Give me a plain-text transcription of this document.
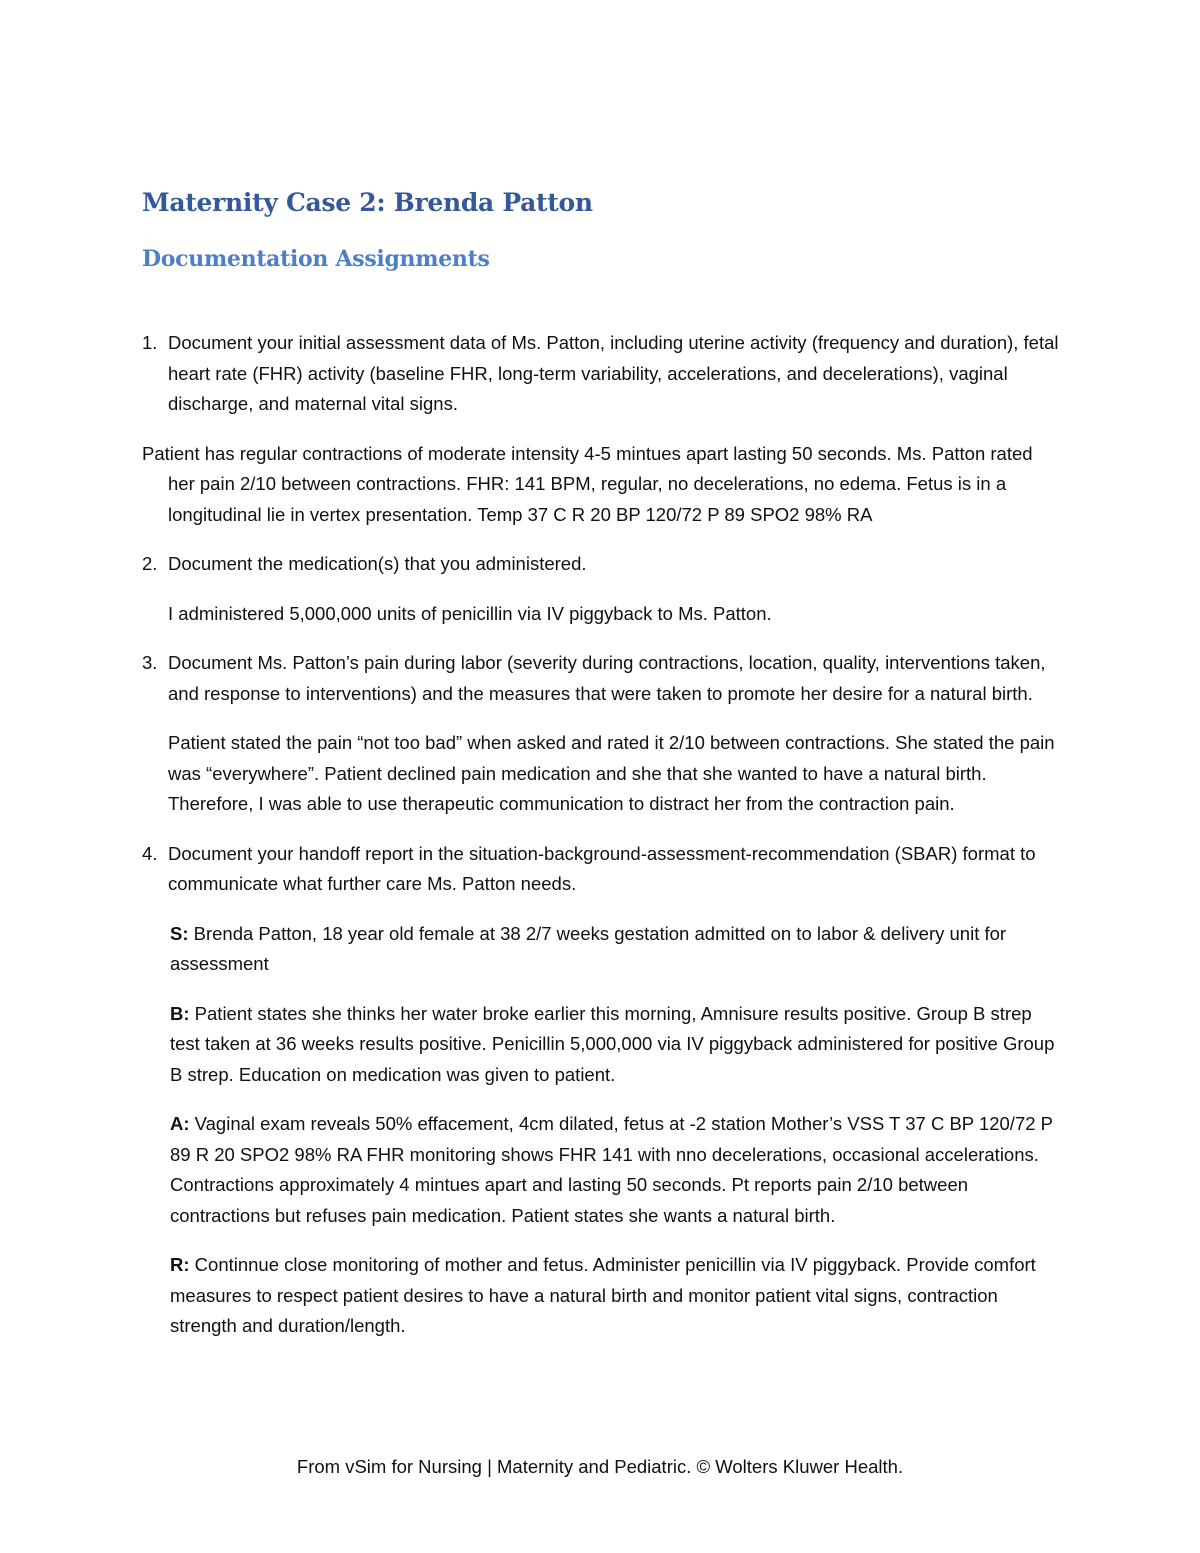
Maternity Case 2: Brenda Patton
Documentation Assignments
1. Document your initial assessment data of Ms. Patton, including uterine activity (frequency and duration), fetal heart rate (FHR) activity (baseline FHR, long-term variability, accelerations, and decelerations), vaginal discharge, and maternal vital signs.
Patient has regular contractions of moderate intensity 4-5 mintues apart lasting 50 seconds. Ms. Patton rated her pain 2/10 between contractions. FHR: 141 BPM, regular, no decelerations, no edema. Fetus is in a longitudinal lie in vertex presentation. Temp 37 C R 20 BP 120/72 P 89 SPO2 98% RA
2. Document the medication(s) that you administered.
I administered 5,000,000 units of penicillin via IV piggyback to Ms. Patton.
3. Document Ms. Patton’s pain during labor (severity during contractions, location, quality, interventions taken, and response to interventions) and the measures that were taken to promote her desire for a natural birth.
Patient stated the pain “not too bad” when asked and rated it 2/10 between contractions. She stated the pain was “everywhere”. Patient declined pain medication and she that she wanted to have a natural birth. Therefore, I was able to use therapeutic communication to distract her from the contraction pain.
4. Document your handoff report in the situation-background-assessment-recommendation (SBAR) format to communicate what further care Ms. Patton needs.
S: Brenda Patton, 18 year old female at 38 2/7 weeks gestation admitted on to labor & delivery unit for assessment
B: Patient states she thinks her water broke earlier this morning, Amnisure results positive. Group B strep test taken at 36 weeks results positive. Penicillin 5,000,000 via IV piggyback administered for positive Group B strep. Education on medication was given to patient.
A: Vaginal exam reveals 50% effacement, 4cm dilated, fetus at -2 station Mother’s VSS T 37 C BP 120/72 P 89 R 20 SPO2 98% RA FHR monitoring shows FHR 141 with nno decelerations, occasional accelerations. Contractions approximately 4 mintues apart and lasting 50 seconds. Pt reports pain 2/10 between contractions but refuses pain medication. Patient states she wants a natural birth.
R: Continnue close monitoring of mother and fetus. Administer penicillin via IV piggyback. Provide comfort measures to respect patient desires to have a natural birth and monitor patient vital signs, contraction strength and duration/length.
From vSim for Nursing | Maternity and Pediatric. © Wolters Kluwer Health.
